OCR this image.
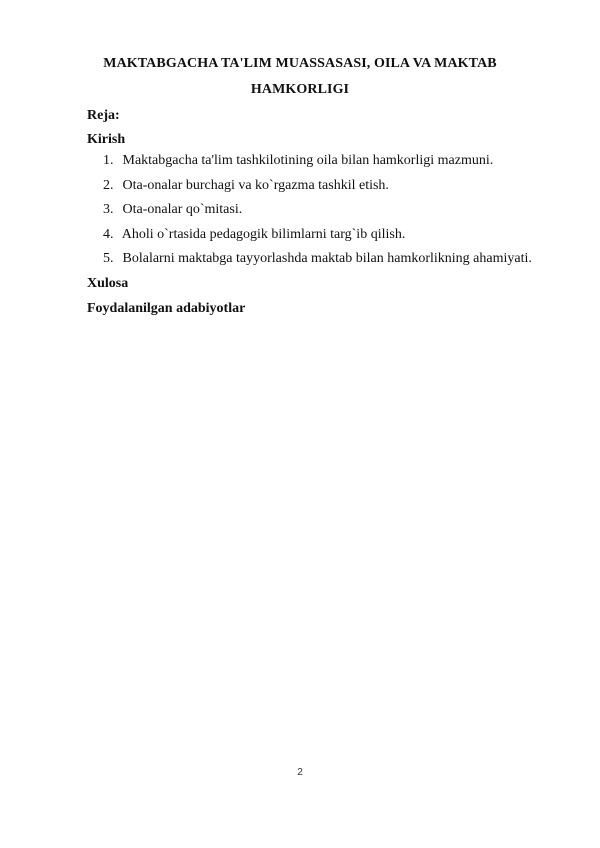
MAKTABGACHA TA'LIM MUASSASASI, OILA VA MAKTAB
HAMKORLIGI
Reja:
Kirish
1. Maktabgacha ta'lim tashkilotining oila bilan hamkorligi mazmuni.
2. Ota-onalar burchagi va ko`rgazma tashkil etish.
3. Ota-onalar qo`mitasi.
4. Aholi o`rtasida pedagogik bilimlarni targ`ib qilish.
5. Bolalarni maktabga tayyorlashda maktab bilan hamkorlikning ahamiyati.
Xulosa
Foydalanilgan adabiyotlar
2
